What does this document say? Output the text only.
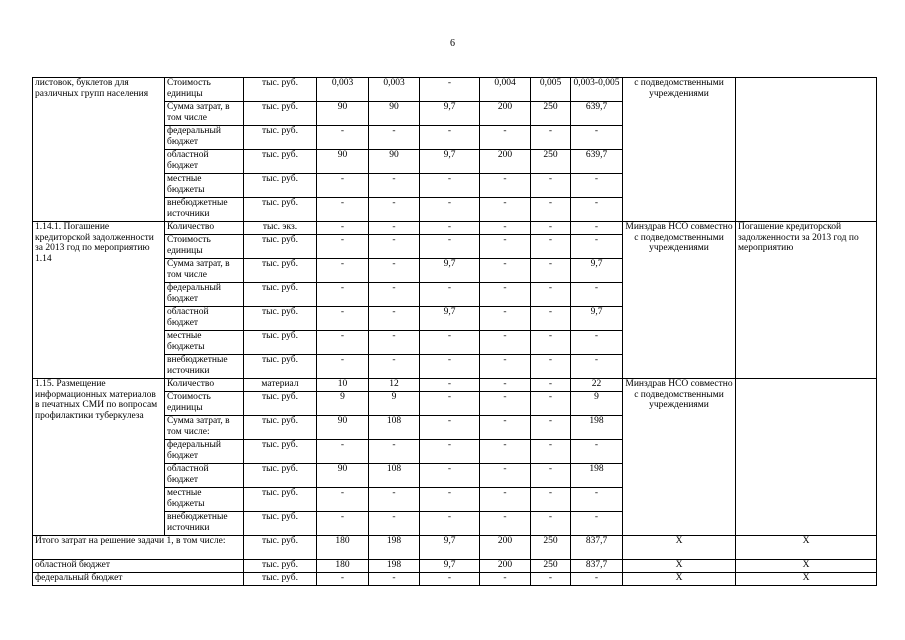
6
листовок, буклетов для различных групп населения	Стоимость единицы	тыс. руб.	0,003	0,003	-	0,004	0,005	0,003-0,005	с подведомственными учреждениями	
	Сумма затрат, в том числе	тыс. руб.	90	90	9,7	200	250	639,7		
	федеральный бюджет	тыс. руб.	-	-	-	-	-	-		
	областной бюджет	тыс. руб.	90	90	9,7	200	250	639,7		
	местные бюджеты	тыс. руб.	-	-	-	-	-	-		
	внебюджетные источники	тыс. руб.	-	-	-	-	-	-		
1.14.1. Погашение кредиторской задолженности за 2013 год по мероприятию 1.14	Количество	тыс. экз.	-	-	-	-	-	-	Минздрав НСО совместно с подведомственными учреждениями	Погашение кредиторской задолженности за 2013 год по мероприятию
	Стоимость единицы	тыс. руб.	-	-	-	-	-	-		
	Сумма затрат, в том числе	тыс. руб.	-	-	9,7	-	-	9,7		
	федеральный бюджет	тыс. руб.	-	-	-	-	-	-		
	областной бюджет	тыс. руб.	-	-	9,7	-	-	9,7		
	местные бюджеты	тыс. руб.	-	-	-	-	-	-		
	внебюджетные источники	тыс. руб.	-	-	-	-	-	-		
1.15. Размещение информационных материалов в печатных СМИ по вопросам профилактики туберкулеза	Количество	материал	10	12	-	-	-	22	Минздрав НСО совместно с подведомственными учреждениями	
	Стоимость единицы	тыс. руб.	9	9	-	-	-	9		
	Сумма затрат, в том числе:	тыс. руб.	90	108	-	-	-	198		
	федеральный бюджет	тыс. руб.	-	-	-	-	-	-		
	областной бюджет	тыс. руб.	90	108	-	-	-	198		
	местные бюджеты	тыс. руб.	-	-	-	-	-	-		
	внебюджетные источники	тыс. руб.	-	-	-	-	-	-		
Итого затрат на решение задачи 1, в том числе:		тыс. руб.	180	198	9,7	200	250	837,7	Х	Х
областной бюджет		тыс. руб.	180	198	9,7	200	250	837,7	Х	Х
федеральный бюджет		тыс. руб.	-	-	-	-	-	-	Х	Х
